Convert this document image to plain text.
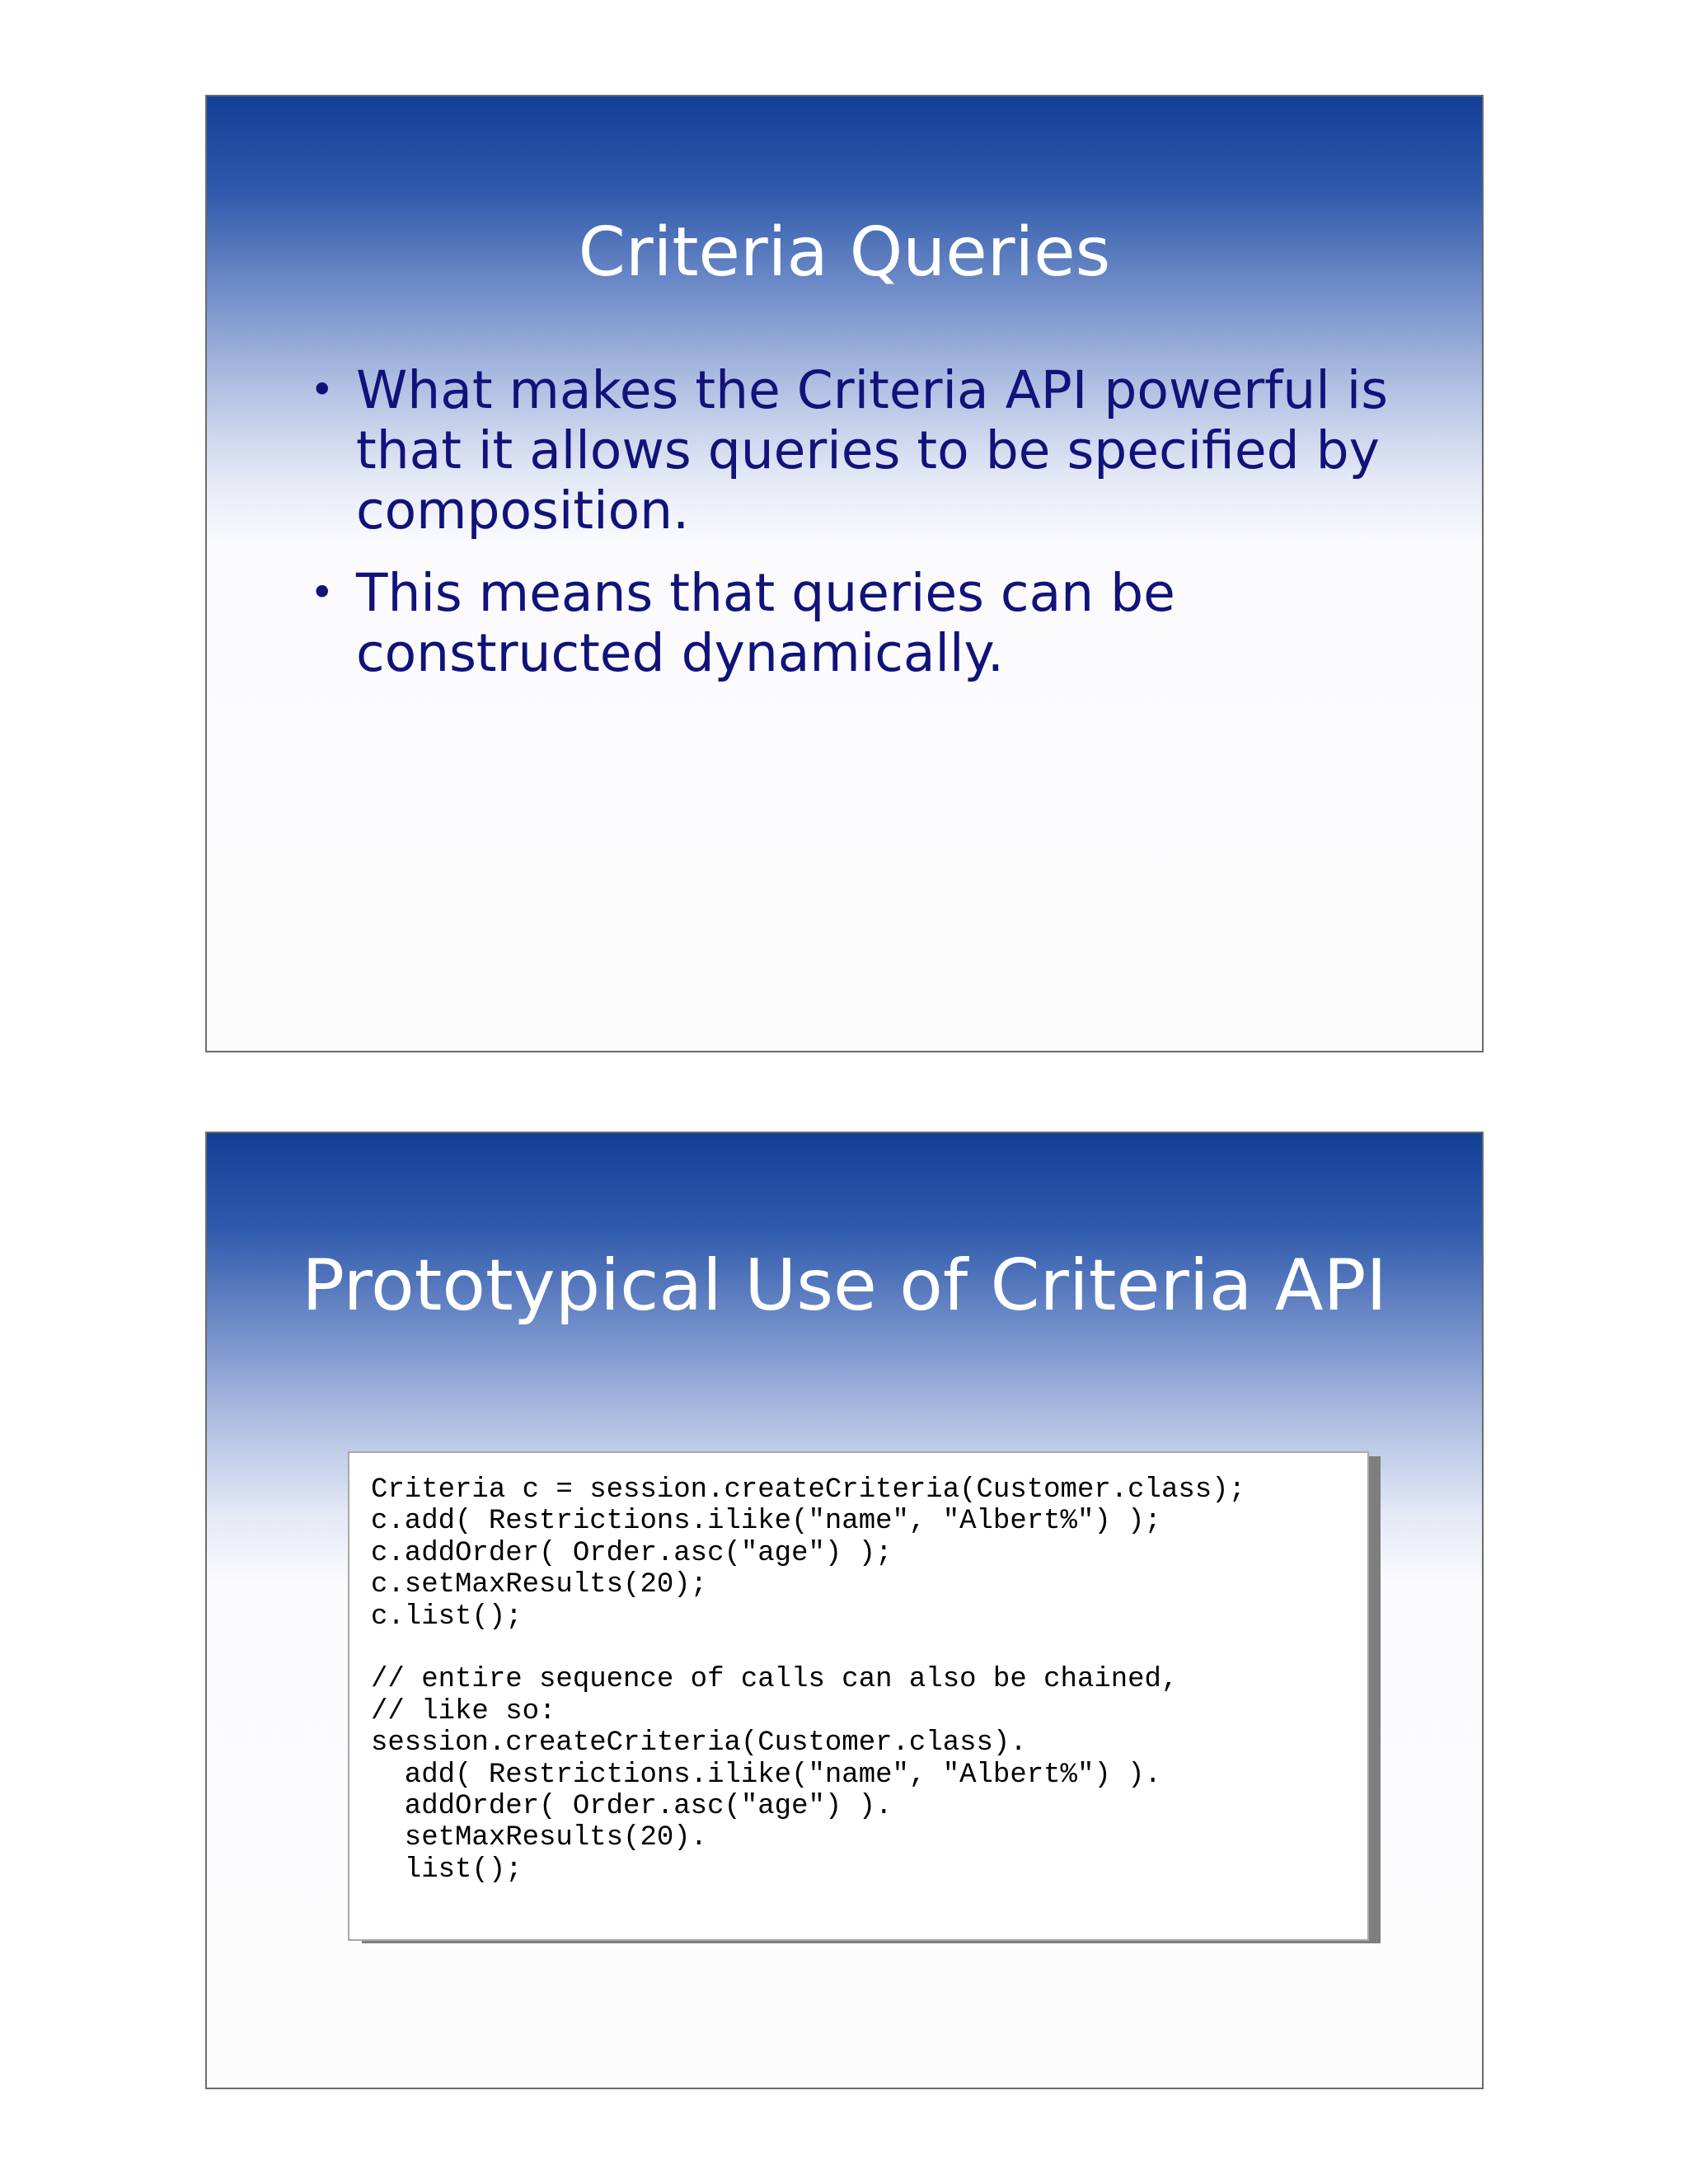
Criteria Queries
• What makes the Criteria API powerful is that it allows queries to be specified by composition.
• This means that queries can be constructed dynamically.
Prototypical Use of Criteria API
Criteria c = session.createCriteria(Customer.class);
c.add( Restrictions.ilike("name", "Albert%") );
c.addOrder( Order.asc("age") );
c.setMaxResults(20);
c.list();

// entire sequence of calls can also be chained,
// like so:
session.createCriteria(Customer.class).
add( Restrictions.ilike("name", "Albert%") ).
addOrder( Order.asc("age") ).
setMaxResults(20).
list();
